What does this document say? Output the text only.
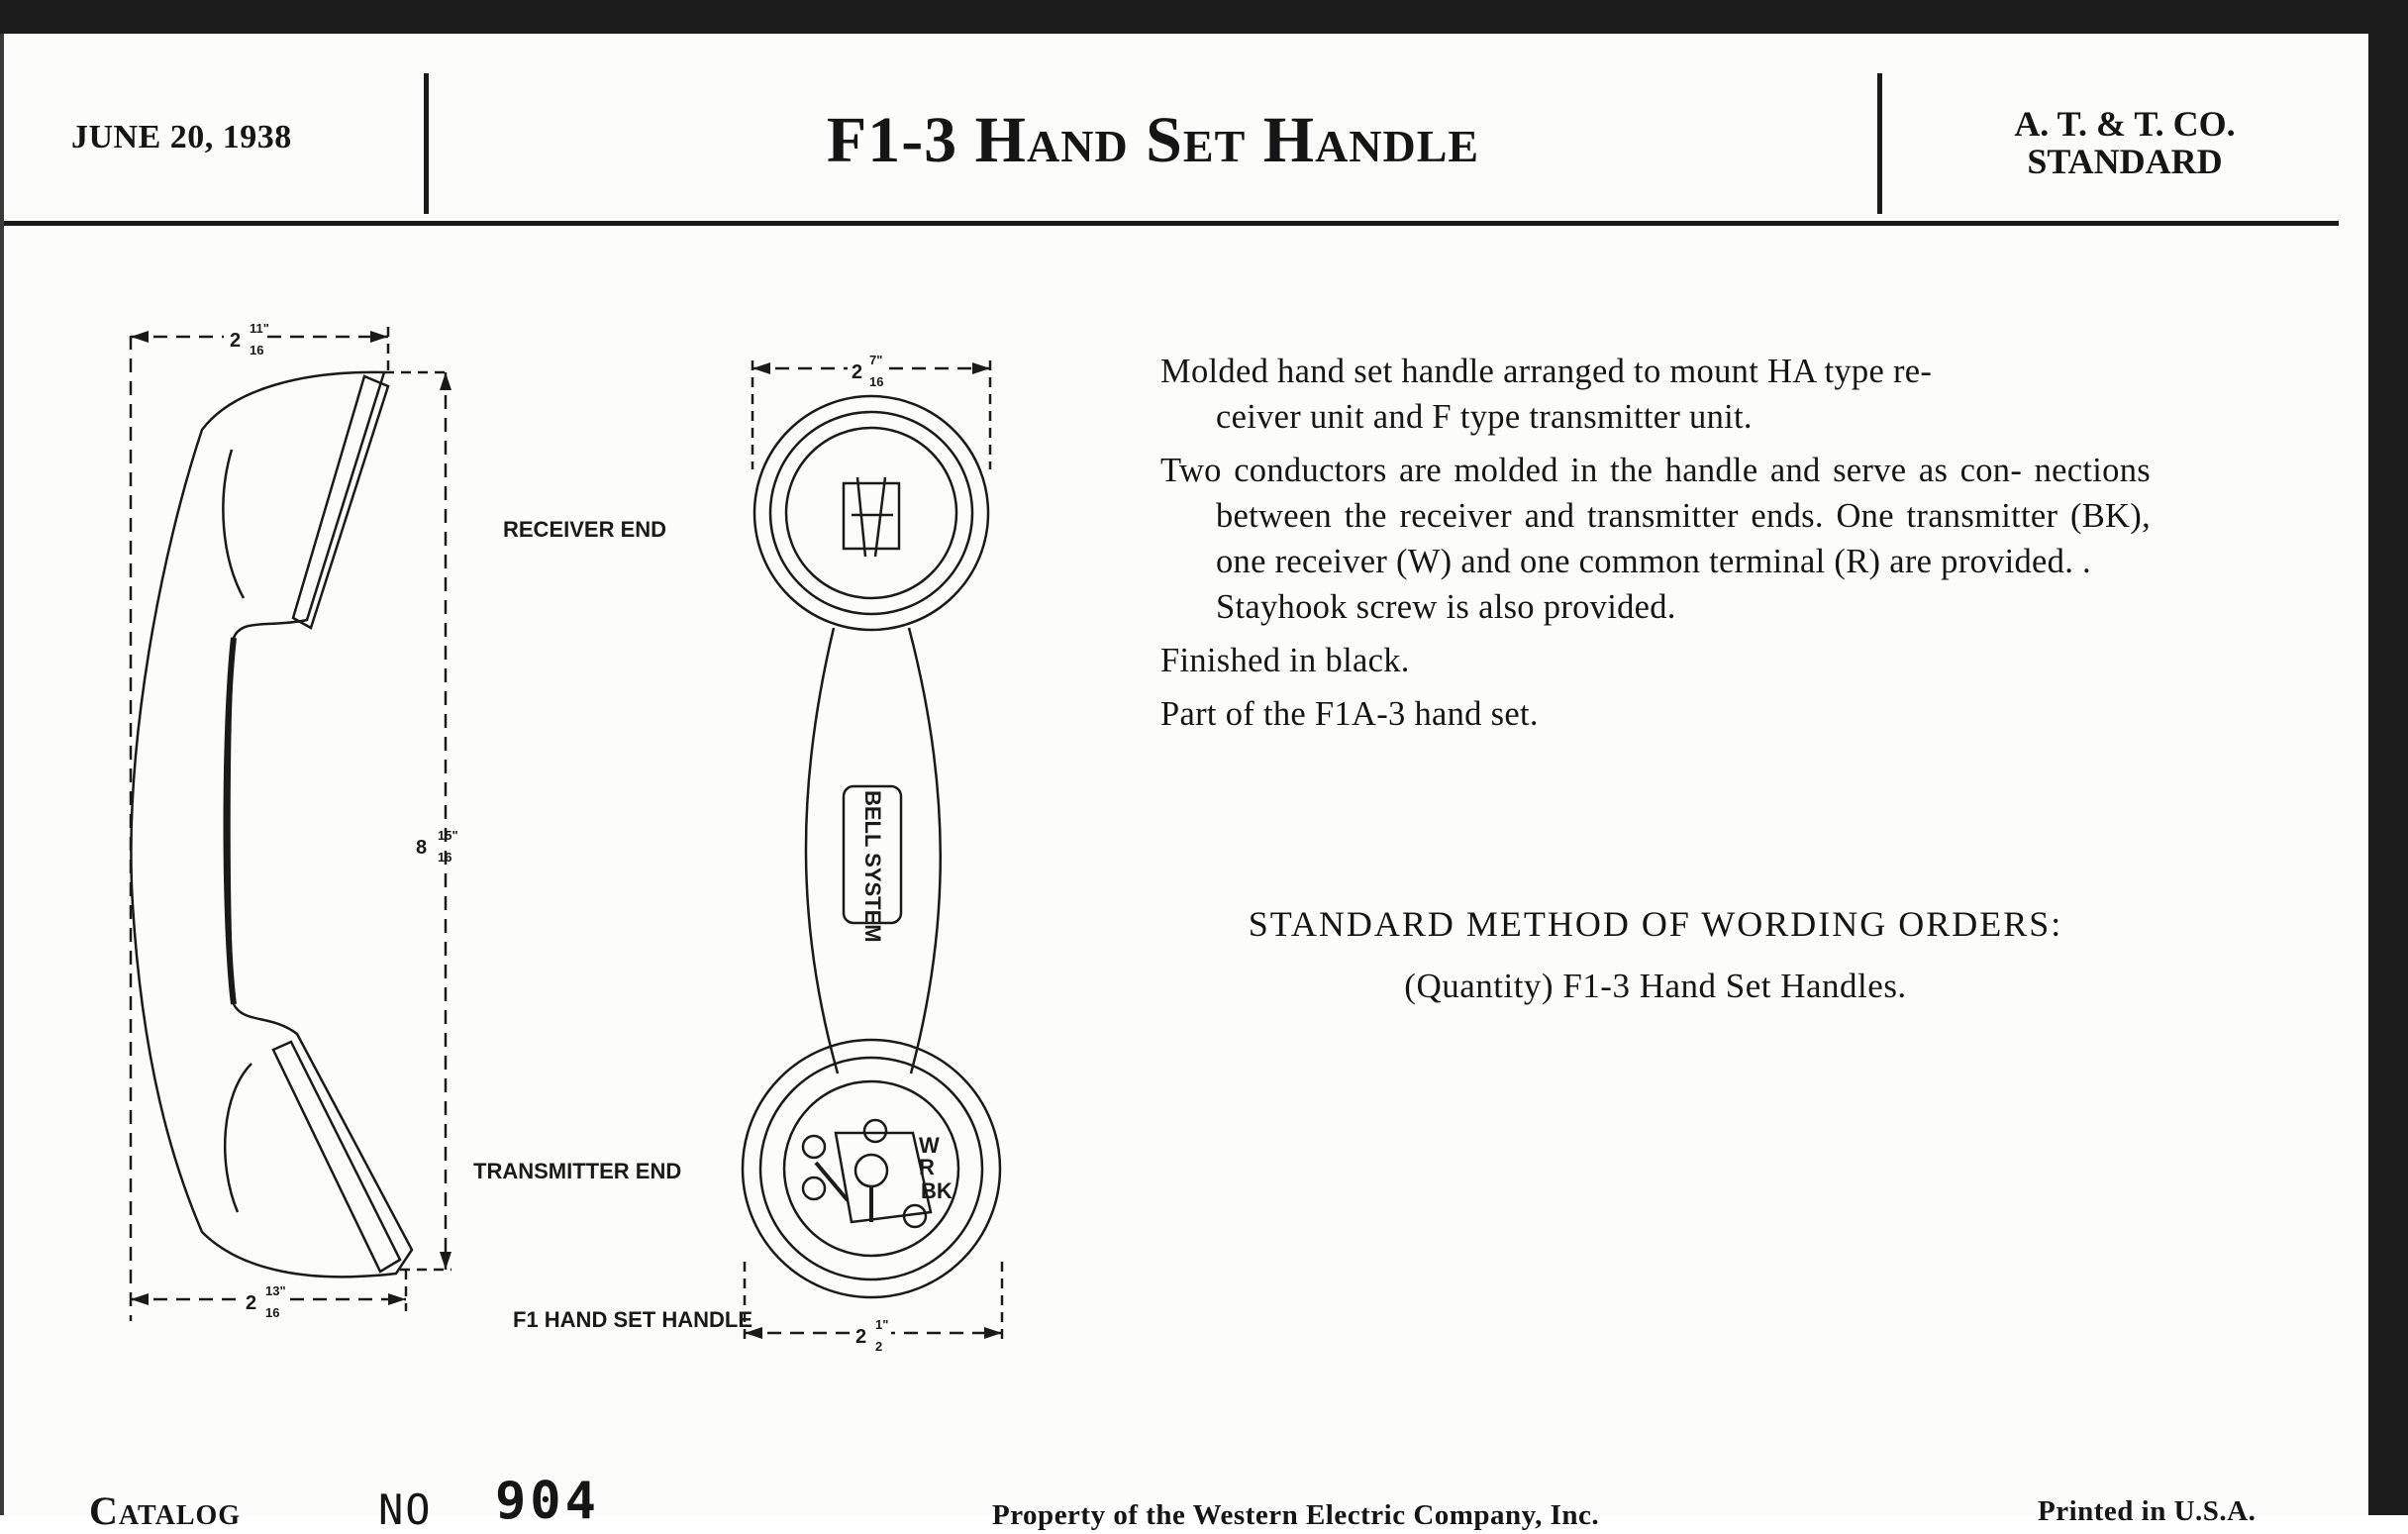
JUNE 20, 1938	F1-3 Hand Set Handle	A. T. & T. CO.
STANDARD
2
11"
16
2
7"
16
8
15"
16
2
13"
16
2
1"
2
RECEIVER END
TRANSMITTER END
F1 HAND SET HANDLE
BELL SYSTEM
W
BK
R

Molded hand set handle arranged to mount HA type re-
ceiver unit and F type transmitter unit.

Two conductors are molded in the handle and serve as con- nections between the receiver and transmitter ends. One transmitter (BK), one receiver (W) and one common terminal (R) are provided. .
Stayhook screw is also provided.

Finished in black.

Part of the F1A-3 hand set.

STANDARD METHOD OF WORDING ORDERS:
(Quantity) F1-3 Hand Set Handles.
Catalog	NO 904	Property of the Western Electric Company, Inc.	Printed in U.S.A.
